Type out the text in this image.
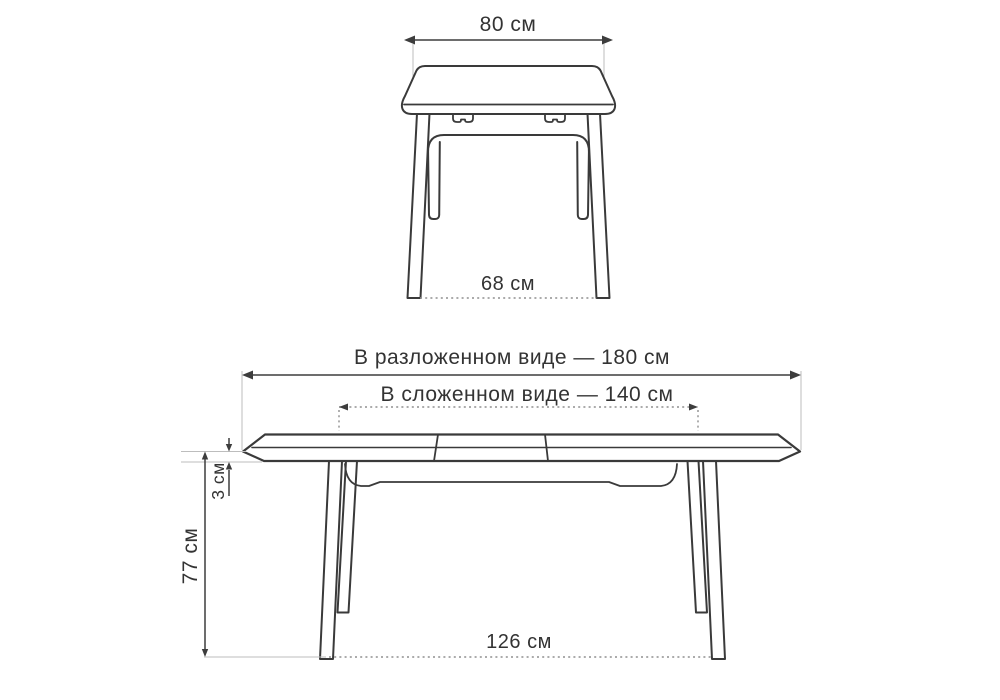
80 см
68 см
В разложенном виде — 180 см
В сложенном виде — 140 см
3 см
77 см
126 см
